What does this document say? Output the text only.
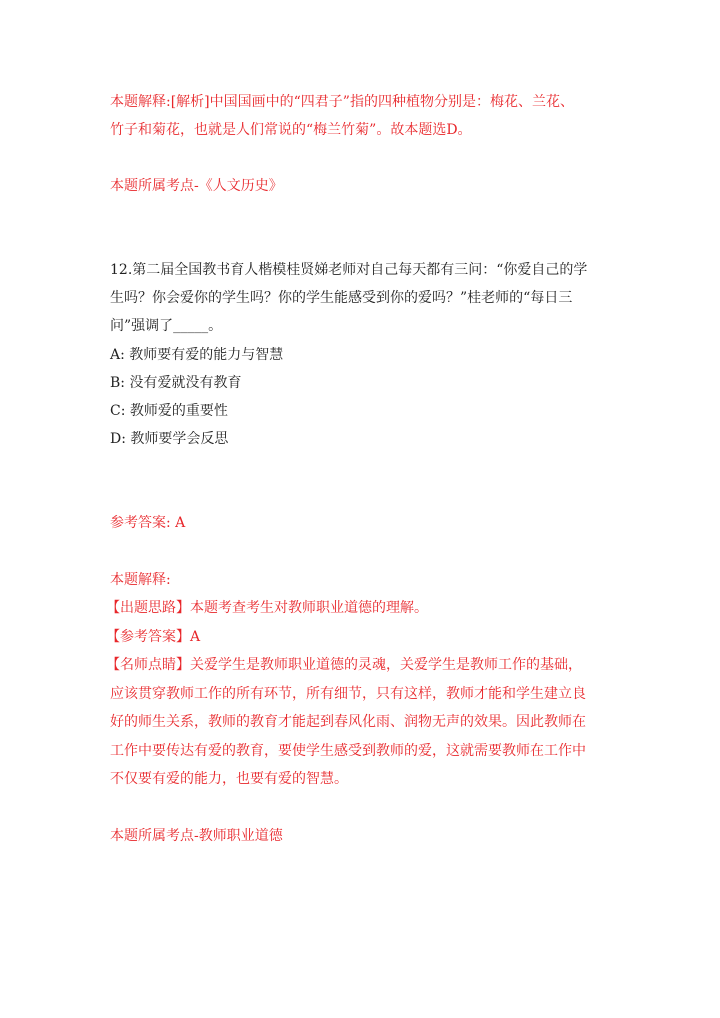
本题解释:[解析]中国国画中的“四君子”指的四种植物分别是：梅花、兰花、
竹子和菊花，也就是人们常说的“梅兰竹菊”。故本题选D。
本题所属考点-《人文历史》
12.第二届全国教书育人楷模桂贤娣老师对自己每天都有三问：“你爱自己的学
生吗？你会爱你的学生吗？你的学生能感受到你的爱吗？”桂老师的“每日三
问”强调了_____。
A: 教师要有爱的能力与智慧
B: 没有爱就没有教育
C: 教师爱的重要性
D: 教师要学会反思
参考答案: A
本题解释:
【出题思路】本题考查考生对教师职业道德的理解。
【参考答案】A
【名师点睛】关爱学生是教师职业道德的灵魂，关爱学生是教师工作的基础，
应该贯穿教师工作的所有环节，所有细节，只有这样，教师才能和学生建立良
好的师生关系，教师的教育才能起到春风化雨、润物无声的效果。因此教师在
工作中要传达有爱的教育，要使学生感受到教师的爱，这就需要教师在工作中
不仅要有爱的能力，也要有爱的智慧。
本题所属考点-教师职业道德
